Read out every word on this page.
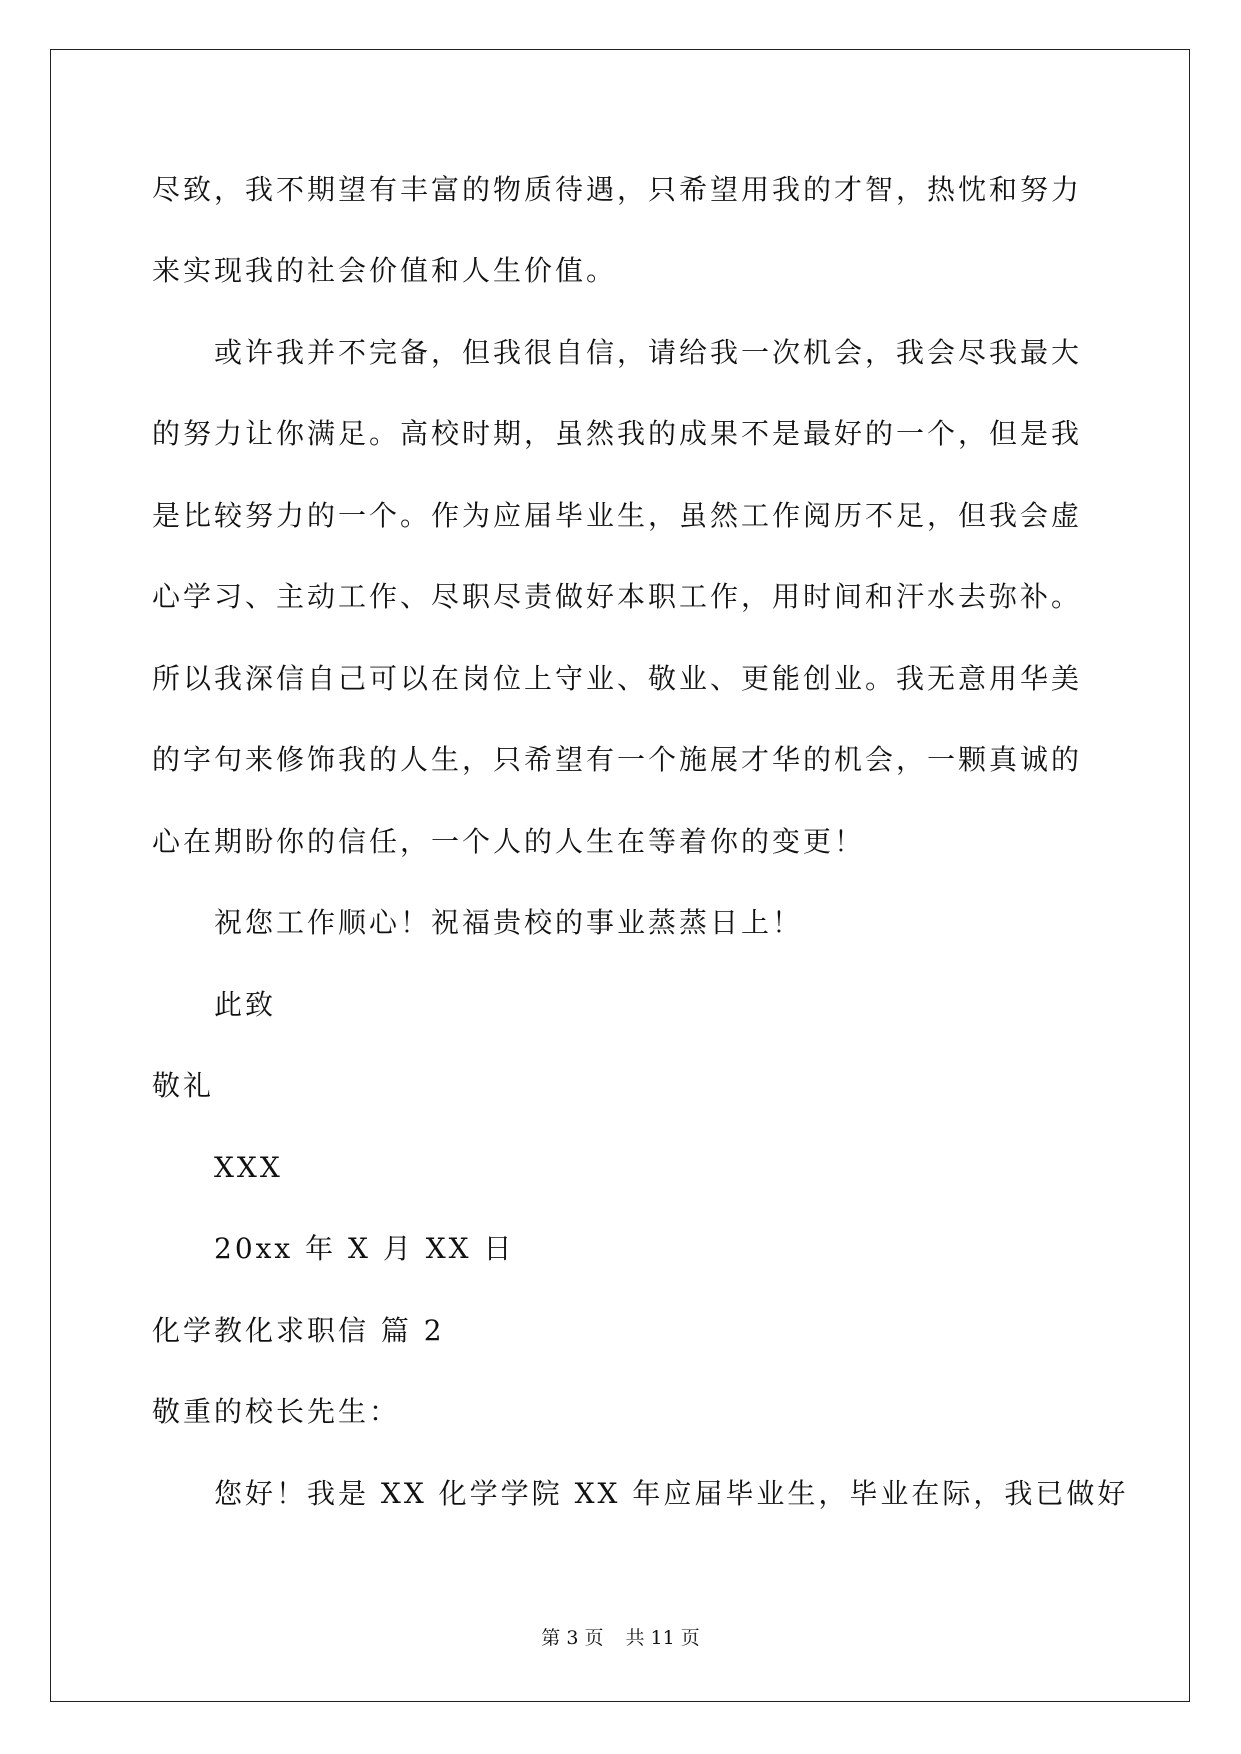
尽致，我不期望有丰富的物质待遇，只希望用我的才智，热忱和努力
来实现我的社会价值和人生价值。
或许我并不完备，但我很自信，请给我一次机会，我会尽我最大
的努力让你满足。高校时期，虽然我的成果不是最好的一个，但是我
是比较努力的一个。作为应届毕业生，虽然工作阅历不足，但我会虚
心学习、主动工作、尽职尽责做好本职工作，用时间和汗水去弥补。
所以我深信自己可以在岗位上守业、敬业、更能创业。我无意用华美
的字句来修饰我的人生，只希望有一个施展才华的机会，一颗真诚的
心在期盼你的信任，一个人的人生在等着你的变更！
祝您工作顺心！祝福贵校的事业蒸蒸日上！
此致
敬礼
XXX
20xx 年 X 月 XX 日
化学教化求职信 篇 2
敬重的校长先生：
您好！我是 XX 化学学院 XX 年应届毕业生，毕业在际，我已做好
第 3 页 共 11 页
